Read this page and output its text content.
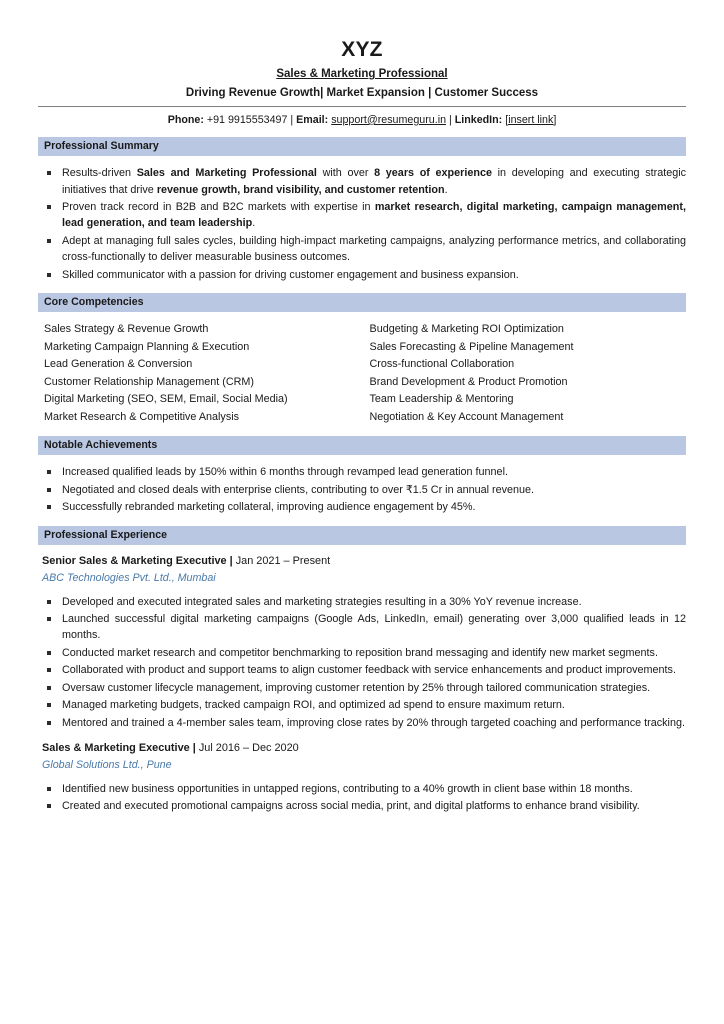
XYZ
Sales & Marketing Professional
Driving Revenue Growth| Market Expansion | Customer Success
Phone: +91 9915553497 | Email: support@resumeguru.in | LinkedIn: [insert link]
Professional Summary
Results-driven Sales and Marketing Professional with over 8 years of experience in developing and executing strategic initiatives that drive revenue growth, brand visibility, and customer retention.
Proven track record in B2B and B2C markets with expertise in market research, digital marketing, campaign management, lead generation, and team leadership.
Adept at managing full sales cycles, building high-impact marketing campaigns, analyzing performance metrics, and collaborating cross-functionally to deliver measurable business outcomes.
Skilled communicator with a passion for driving customer engagement and business expansion.
Core Competencies
Sales Strategy & Revenue Growth
Marketing Campaign Planning & Execution
Lead Generation & Conversion
Customer Relationship Management (CRM)
Digital Marketing (SEO, SEM, Email, Social Media)
Market Research & Competitive Analysis
Budgeting & Marketing ROI Optimization
Sales Forecasting & Pipeline Management
Cross-functional Collaboration
Brand Development & Product Promotion
Team Leadership & Mentoring
Negotiation & Key Account Management
Notable Achievements
Increased qualified leads by 150% within 6 months through revamped lead generation funnel.
Negotiated and closed deals with enterprise clients, contributing to over ₹1.5 Cr in annual revenue.
Successfully rebranded marketing collateral, improving audience engagement by 45%.
Professional Experience
Senior Sales & Marketing Executive | Jan 2021 – Present
ABC Technologies Pvt. Ltd., Mumbai
Developed and executed integrated sales and marketing strategies resulting in a 30% YoY revenue increase.
Launched successful digital marketing campaigns (Google Ads, LinkedIn, email) generating over 3,000 qualified leads in 12 months.
Conducted market research and competitor benchmarking to reposition brand messaging and identify new market segments.
Collaborated with product and support teams to align customer feedback with service enhancements and product improvements.
Oversaw customer lifecycle management, improving customer retention by 25% through tailored communication strategies.
Managed marketing budgets, tracked campaign ROI, and optimized ad spend to ensure maximum return.
Mentored and trained a 4-member sales team, improving close rates by 20% through targeted coaching and performance tracking.
Sales & Marketing Executive | Jul 2016 – Dec 2020
Global Solutions Ltd., Pune
Identified new business opportunities in untapped regions, contributing to a 40% growth in client base within 18 months.
Created and executed promotional campaigns across social media, print, and digital platforms to enhance brand visibility.
